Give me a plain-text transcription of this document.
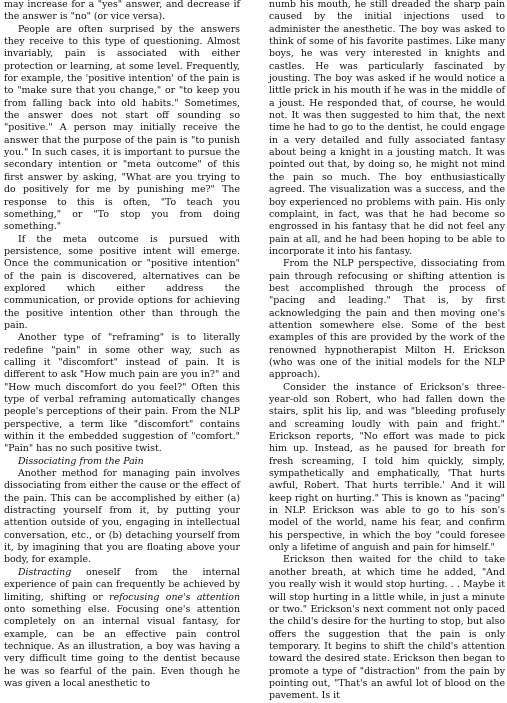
may increase for a "yes" answer, and decrease if the answer is "no" (or vice versa).

People are often surprised by the answers they receive to this type of questioning. Almost invariably, pain is associated with either protection or learning, at some level. Frequently, for example, the 'positive intention' of the pain is to "make sure that you change," or "to keep you from falling back into old habits." Sometimes, the answer does not start off sounding so "positive." A person may initially receive the answer that the purpose of the pain is "to punish you." In such cases, it is important to pursue the secondary intention or "meta outcome" of this first answer by asking, "What are you trying to do positively for me by punishing me?" The response to this is often, "To teach you something," or "To stop you from doing something."

If the meta outcome is pursued with persistence, some positive intent will emerge. Once the communication or "positive intention" of the pain is discovered, alternatives can be explored which either address the communication, or provide options for achieving the positive intention other than through the pain.

Another type of "reframing" is to literally redefine "pain" in some other way, such as calling it "discomfort" instead of pain. It is different to ask "How much pain are you in?" and "How much discomfort do you feel?" Often this type of verbal reframing automatically changes people's perceptions of their pain. From the NLP perspective, a term like "discomfort" contains within it the embedded suggestion of "comfort." "Pain" has no such positive twist.

Dissociating from the Pain

Another method for managing pain involves dissociating from either the cause or the effect of the pain. This can be accomplished by either (a) distracting yourself from it, by putting your attention outside of you, engaging in intellectual conversation, etc., or (b) detaching yourself from it, by imagining that you are floating above your body, for example.

Distracting oneself from the internal experience of pain can frequently be achieved by limiting, shifting or refocusing one's attention onto something else. Focusing one's attention completely on an internal visual fantasy, for example, can be an effective pain control technique. As an illustration, a boy was having a very difficult time going to the dentist because he was so fearful of the pain. Even though he was given a local anesthetic to

numb his mouth, he still dreaded the sharp pain caused by the initial injections used to administer the anesthetic. The boy was asked to think of some of his favorite pastimes. Like many boys, he was very interested in knights and castles. He was particularly fascinated by jousting. The boy was asked if he would notice a little prick in his mouth if he was in the middle of a joust. He responded that, of course, he would not. It was then suggested to him that, the next time he had to go to the dentist, he could engage in a very detailed and fully associated fantasy about being a knight in a jousting match. It was pointed out that, by doing so, he might not mind the pain so much. The boy enthusiastically agreed. The visualization was a success, and the boy experienced no problems with pain. His only complaint, in fact, was that he had become so engrossed in his fantasy that he did not feel any pain at all, and he had been hoping to be able to incorporate it into his fantasy.

From the NLP perspective, dissociating from pain through refocusing or shifting attention is best accomplished through the process of "pacing and leading." That is, by first acknowledging the pain and then moving one's attention somewhere else. Some of the best examples of this are provided by the work of the renowned hypnotherapist Milton H. Erickson (who was one of the initial models for the NLP approach).

Consider the instance of Erickson's three-year-old son Robert, who had fallen down the stairs, split his lip, and was "bleeding profusely and screaming loudly with pain and fright." Erickson reports, "No effort was made to pick him up. Instead, as he paused for breath for fresh screaming, I told him quickly, simply, sympathetically and emphatically, 'That hurts awful, Robert. That hurts terrible.' And it will keep right on hurting." This is known as "pacing" in NLP. Erickson was able to go to his son's model of the world, name his fear, and confirm his perspective, in which the boy "could foresee only a lifetime of anguish and pain for himself."

Erickson then waited for the child to take another breath, at which time he added, "And you really wish it would stop hurting. . . Maybe it will stop hurting in a little while, in just a minute or two." Erickson's next comment not only paced the child's desire for the hurting to stop, but also offers the suggestion that the pain is only temporary. It begins to shift the child's attention toward the desired state. Erickson then began to promote a type of "distraction" from the pain by pointing out, "That's an awful lot of blood on the pavement. Is it
